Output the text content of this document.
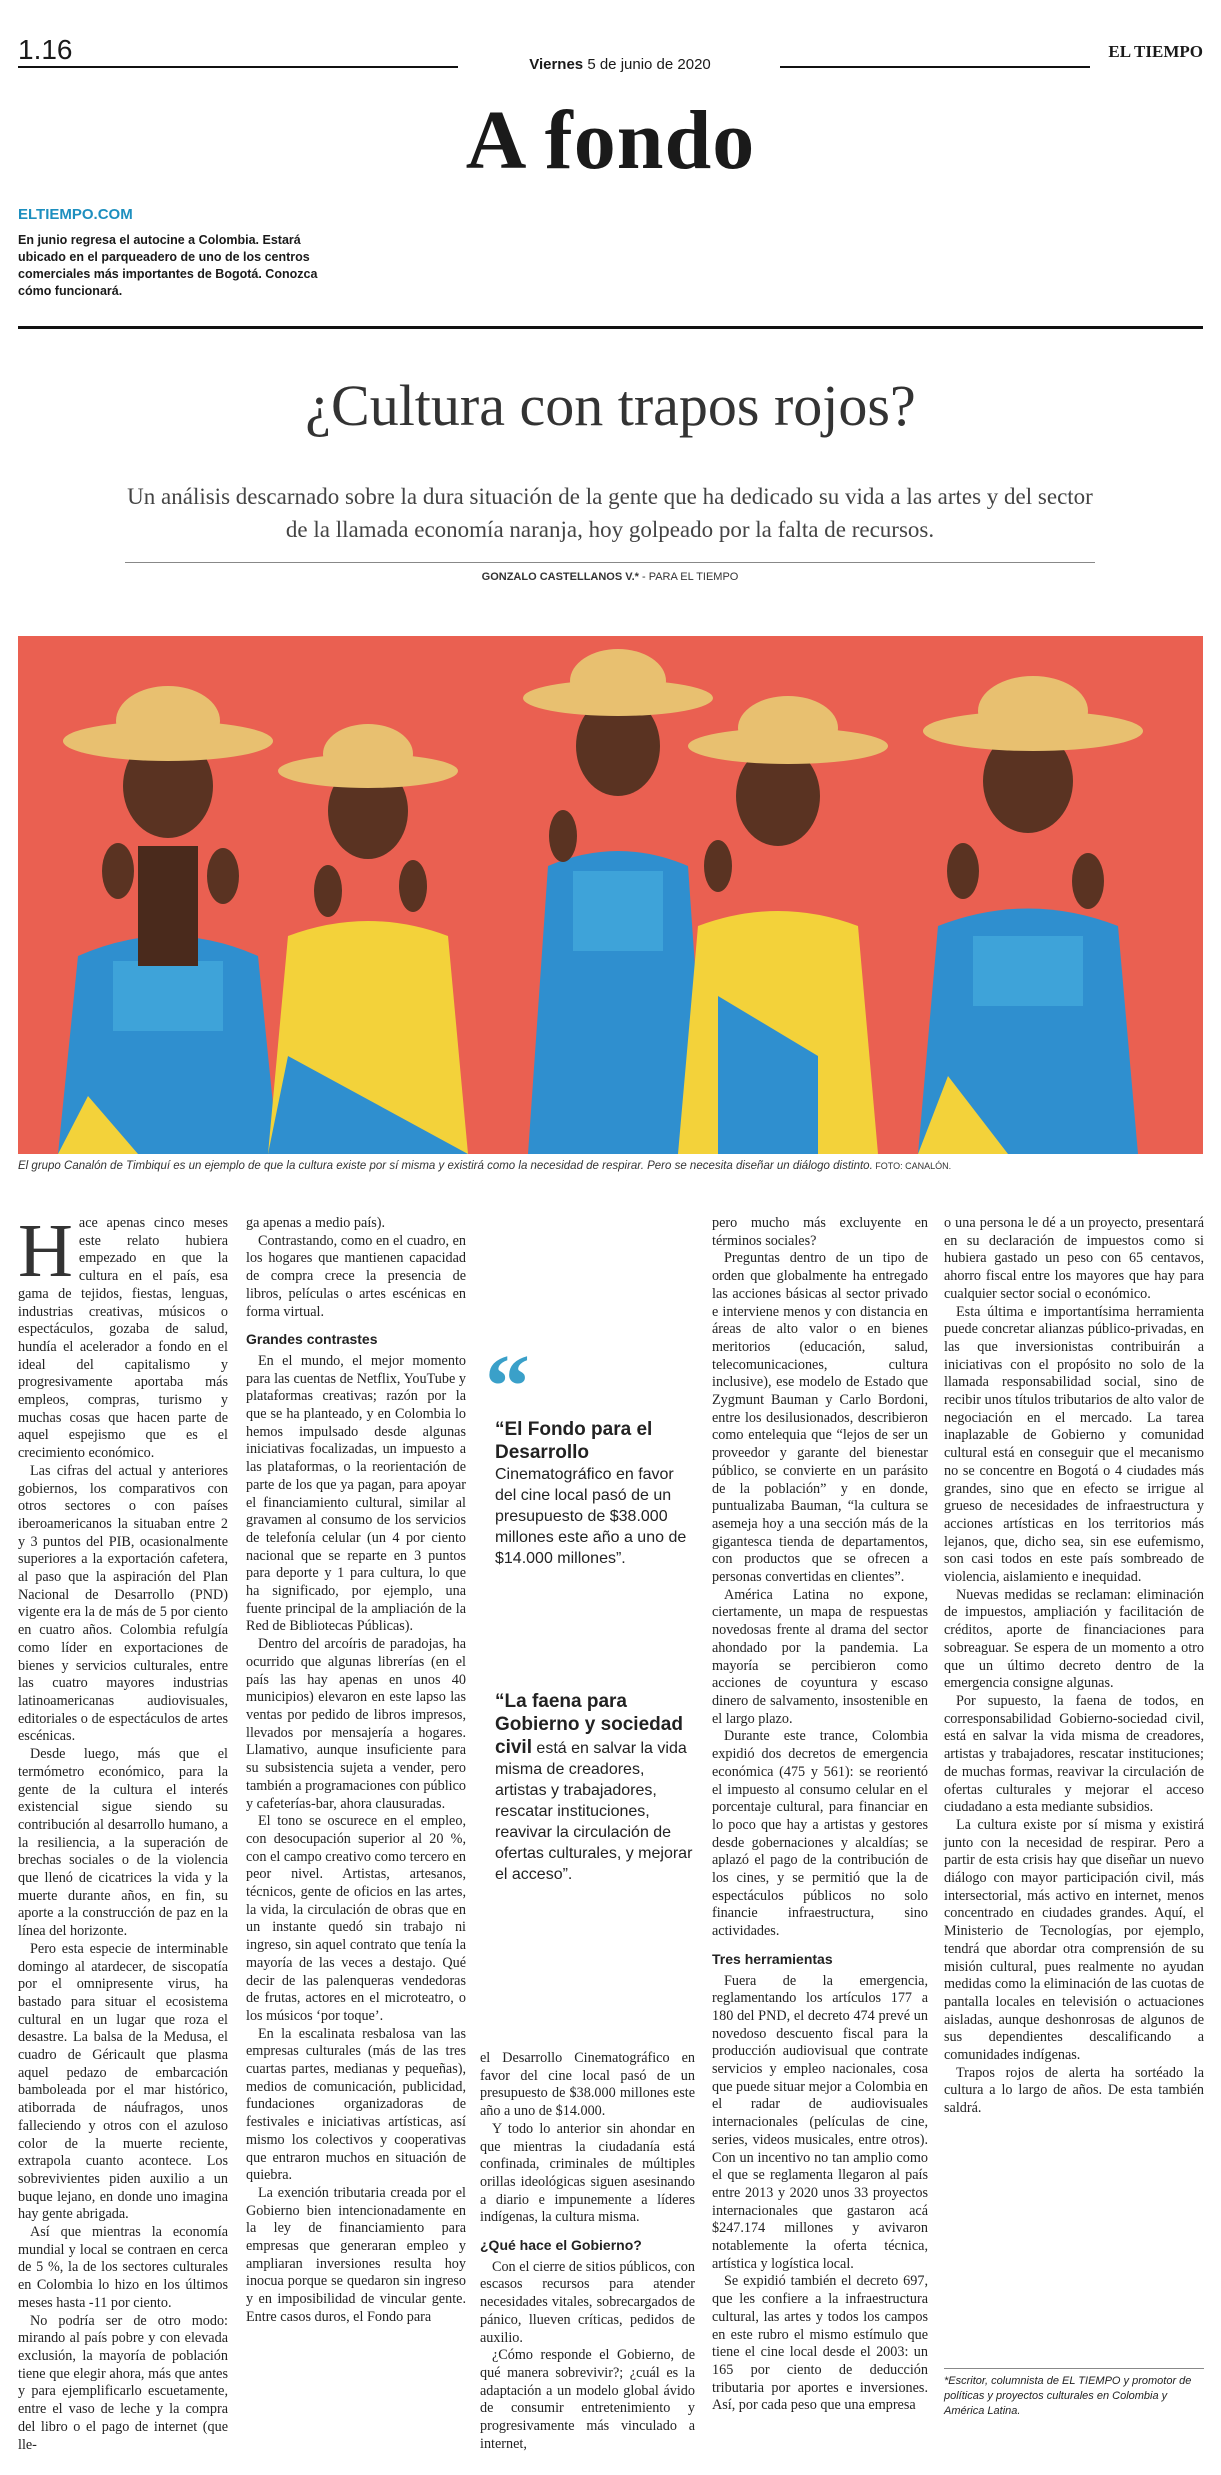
1.16	Viernes 5 de junio de 2020
EL TIEMPO
A fondo
ELTIEMPO.COM
En junio regresa el autocine a Colombia. Estará ubicado en el parqueadero de uno de los centros comerciales más importantes de Bogotá. Conozca cómo funcionará.
¿Cultura con trapos rojos?
Un análisis descarnado sobre la dura situación de la gente que ha dedicado su vida a las artes y del sector de la llamada economía naranja, hoy golpeado por la falta de recursos.
GONZALO CASTELLANOS V.* - PARA EL TIEMPO
El grupo Canalón de Timbiquí es un ejemplo de que la cultura existe por sí misma y existirá como la necesidad de respirar. Pero se necesita diseñar un diálogo distinto. FOTO: CANALÓN.
H ace apenas cinco meses este relato hubiera empezado en que la cultura en el país, esa gama de tejidos, fiestas, lenguas, industrias creativas, músicos o espectáculos, gozaba de salud, hundía el acelerador a fondo en el ideal del capitalismo y progresivamente aportaba más empleos, compras, turismo y muchas cosas que hacen parte de aquel espejismo que es el crecimiento económico.

Las cifras del actual y anteriores gobiernos, los comparativos con otros sectores o con países iberoamericanos la situaban entre 2 y 3 puntos del PIB, ocasionalmente superiores a la exportación cafetera, al paso que la aspiración del Plan Nacional de Desarrollo (PND) vigente era la de más de 5 por ciento en cuatro años. Colombia refulgía como líder en exportaciones de bienes y servicios culturales, entre las cuatro mayores industrias latinoamericanas audiovisuales, editoriales o de espectáculos de artes escénicas.

Desde luego, más que el termómetro económico, para la gente de la cultura el interés existencial sigue siendo su contribución al desarrollo humano, a la resiliencia, a la superación de brechas sociales o de la violencia que llenó de cicatrices la vida y la muerte durante años, en fin, su aporte a la construcción de paz en la línea del horizonte.

Pero esta especie de interminable domingo al atardecer, de siscopatía por el omnipresente virus, ha bastado para situar el ecosistema cultural en un lugar que roza el desastre. La balsa de la Medusa, el cuadro de Géricault que plasma aquel pedazo de embarcación bamboleada por el mar histórico, atiborrada de náufragos, unos falleciendo y otros con el azuloso color de la muerte reciente, extrapola cuanto acontece. Los sobrevivientes piden auxilio a un buque lejano, en donde uno imagina hay gente abrigada.

Así que mientras la economía mundial y local se contraen en cerca de 5 %, la de los sectores culturales en Colombia lo hizo en los últimos meses hasta -11 por ciento.

No podría ser de otro modo: mirando al país pobre y con elevada exclusión, la mayoría de población tiene que elegir ahora, más que antes y para ejemplificarlo escuetamente, entre el vaso de leche y la compra del libro o el pago de internet (que lle-

ga apenas a medio país).

Contrastando, como en el cuadro, en los hogares que mantienen capacidad de compra crece la presencia de libros, películas o artes escénicas en forma virtual.

Grandes contrastes

En el mundo, el mejor momento para las cuentas de Netflix, YouTube y plataformas creativas; razón por la que se ha planteado, y en Colombia lo hemos impulsado desde algunas iniciativas focalizadas, un impuesto a las plataformas, o la reorientación de parte de los que ya pagan, para apoyar el financiamiento cultural, similar al gravamen al consumo de los servicios de telefonía celular (un 4 por ciento nacional que se reparte en 3 puntos para deporte y 1 para cultura, lo que ha significado, por ejemplo, una fuente principal de la ampliación de la Red de Bibliotecas Públicas).

Dentro del arcoíris de paradojas, ha ocurrido que algunas librerías (en el país las hay apenas en unos 40 municipios) elevaron en este lapso las ventas por pedido de libros impresos, llevados por mensajería a hogares. Llamativo, aunque insuficiente para su subsistencia sujeta a vender, pero también a programaciones con público y cafeterías-bar, ahora clausuradas.

El tono se oscurece en el empleo, con desocupación superior al 20 %, con el campo creativo como tercero en peor nivel. Artistas, artesanos, técnicos, gente de oficios en las artes, la vida, la circulación de obras que en un instante quedó sin trabajo ni ingreso, sin aquel contrato que tenía la mayoría de las veces a destajo. Qué decir de las palenqueras vendedoras de frutas, actores en el microteatro, o los músicos ‘por toque’.

En la escalinata resbalosa van las empresas culturales (más de las tres cuartas partes, medianas y pequeñas), medios de comunicación, publicidad, fundaciones organizadoras de festivales e iniciativas artísticas, así mismo los colectivos y cooperativas que entraron muchos en situación de quiebra.

La exención tributaria creada por el Gobierno bien intencionadamente en la ley de financiamiento para empresas que generaran empleo y ampliaran inversiones resulta hoy inocua porque se quedaron sin ingreso y en imposibilidad de vincular gente. Entre casos duros, el Fondo para

“
“El Fondo para el Desarrollo Cinematográfico en favor del cine local pasó de un presupuesto de $38.000 millones este año a uno de $14.000 millones”.
“La faena para Gobierno y sociedad civil está en salvar la vida misma de creadores, artistas y trabajadores, rescatar instituciones, reavivar la circulación de ofertas culturales, y mejorar el acceso”.

el Desarrollo Cinematográfico en favor del cine local pasó de un presupuesto de $38.000 millones este año a uno de $14.000.

Y todo lo anterior sin ahondar en que mientras la ciudadanía está confinada, criminales de múltiples orillas ideológicas siguen asesinando a diario e impunemente a líderes indígenas, la cultura misma.

¿Qué hace el Gobierno?

Con el cierre de sitios públicos, con escasos recursos para atender necesidades vitales, sobrecargados de pánico, llueven críticas, pedidos de auxilio.

¿Cómo responde el Gobierno, de qué manera sobrevivir?; ¿cuál es la adaptación a un modelo global ávido de consumir entretenimiento y progresivamente más vinculado a internet,

pero mucho más excluyente en términos sociales?

Preguntas dentro de un tipo de orden que globalmente ha entregado las acciones básicas al sector privado e interviene menos y con distancia en áreas de alto valor o en bienes meritorios (educación, salud, telecomunicaciones, cultura inclusive), ese modelo de Estado que Zygmunt Bauman y Carlo Bordoni, entre los desilusionados, describieron como entelequia que “lejos de ser un proveedor y garante del bienestar público, se convierte en un parásito de la población” y en donde, puntualizaba Bauman, “la cultura se asemeja hoy a una sección más de la gigantesca tienda de departamentos, con productos que se ofrecen a personas convertidas en clientes”.

América Latina no expone, ciertamente, un mapa de respuestas novedosas frente al drama del sector ahondado por la pandemia. La mayoría se percibieron como acciones de coyuntura y escaso dinero de salvamento, insostenible en el largo plazo.

Durante este trance, Colombia expidió dos decretos de emergencia económica (475 y 561): se reorientó el impuesto al consumo celular en el porcentaje cultural, para financiar en lo poco que hay a artistas y gestores desde gobernaciones y alcaldías; se aplazó el pago de la contribución de los cines, y se permitió que la de espectáculos públicos no solo financie infraestructura, sino actividades.

Tres herramientas

Fuera de la emergencia, reglamentando los artículos 177 a 180 del PND, el decreto 474 prevé un novedoso descuento fiscal para la producción audiovisual que contrate servicios y empleo nacionales, cosa que puede situar mejor a Colombia en el radar de audiovisuales internacionales (películas de cine, series, videos musicales, entre otros). Con un incentivo no tan amplio como el que se reglamenta llegaron al país entre 2013 y 2020 unos 33 proyectos internacionales que gastaron acá $247.174 millones y avivaron notablemente la oferta técnica, artística y logística local.

Se expidió también el decreto 697, que les confiere a la infraestructura cultural, las artes y todos los campos en este rubro el mismo estímulo que tiene el cine local desde el 2003: un 165 por ciento de deducción tributaria por aportes e inversiones. Así, por cada peso que una empresa

o una persona le dé a un proyecto, presentará en su declaración de impuestos como si hubiera gastado un peso con 65 centavos, ahorro fiscal entre los mayores que hay para cualquier sector social o económico.

Esta última e importantísima herramienta puede concretar alianzas público-privadas, en las que inversionistas contribuirán a iniciativas con el propósito no solo de la llamada responsabilidad social, sino de recibir unos títulos tributarios de alto valor de negociación en el mercado. La tarea inaplazable de Gobierno y comunidad cultural está en conseguir que el mecanismo no se concentre en Bogotá o 4 ciudades más grandes, sino que en efecto se irrigue al grueso de necesidades de infraestructura y acciones artísticas en los territorios más lejanos, que, dicho sea, sin ese eufemismo, son casi todos en este país sombreado de violencia, aislamiento e inequidad.

Nuevas medidas se reclaman: eliminación de impuestos, ampliación y facilitación de créditos, aporte de financiaciones para sobreaguar. Se espera de un momento a otro que un último decreto dentro de la emergencia consigne algunas.

Por supuesto, la faena de todos, en corresponsabilidad Gobierno-sociedad civil, está en salvar la vida misma de creadores, artistas y trabajadores, rescatar instituciones; de muchas formas, reavivar la circulación de ofertas culturales y mejorar el acceso ciudadano a esta mediante subsidios.

La cultura existe por sí misma y existirá junto con la necesidad de respirar. Pero a partir de esta crisis hay que diseñar un nuevo diálogo con mayor participación civil, más intersectorial, más activo en internet, menos concentrado en ciudades grandes. Aquí, el Ministerio de Tecnologías, por ejemplo, tendrá que abordar otra comprensión de su misión cultural, pues realmente no ayudan medidas como la eliminación de las cuotas de pantalla locales en televisión o actuaciones aisladas, aunque deshonrosas de algunos de sus dependientes descalificando a comunidades indígenas.

Trapos rojos de alerta ha sortéado la cultura a lo largo de años. De esta también saldrá.

*Escritor, columnista de EL TIEMPO y promotor de políticas y proyectos culturales en Colombia y América Latina.
